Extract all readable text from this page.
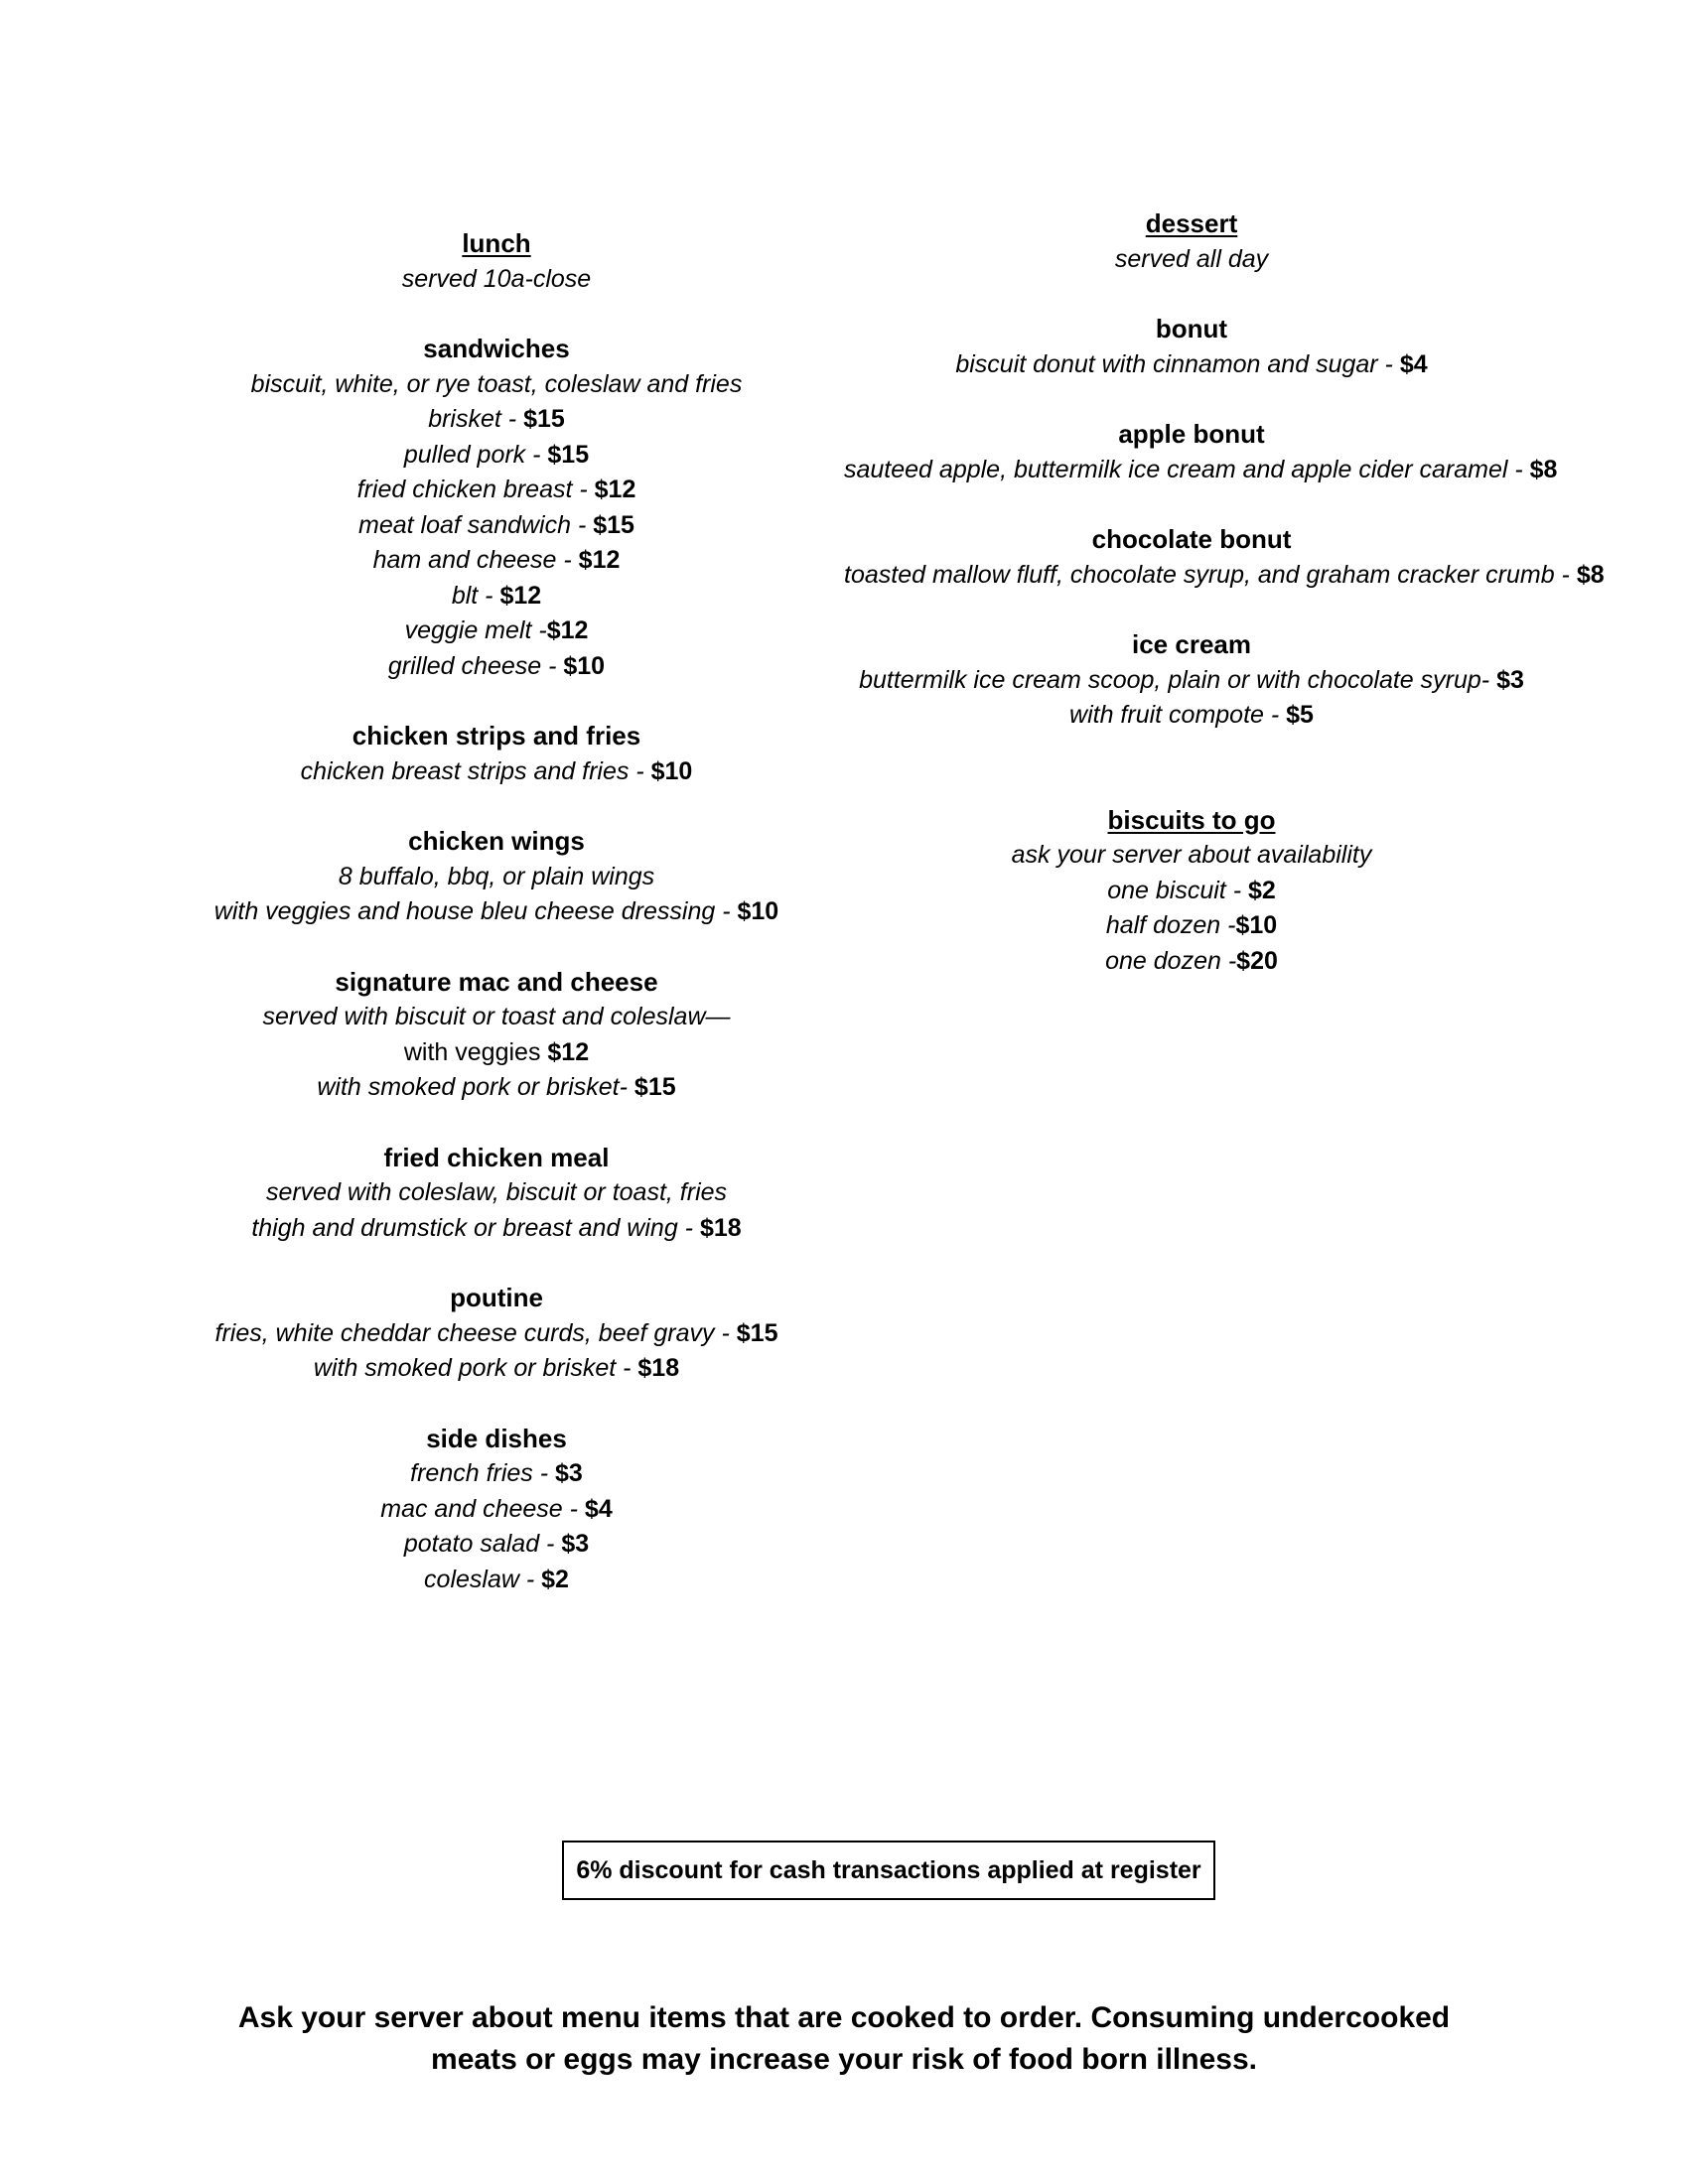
lunch
served 10a-close
sandwiches
biscuit, white, or rye toast, coleslaw and fries
brisket - $15
pulled pork - $15
fried chicken breast - $12
meat loaf sandwich - $15
ham and cheese - $12
blt - $12
veggie melt -$12
grilled cheese - $10
chicken strips and fries
chicken breast strips and fries - $10
chicken wings
8 buffalo, bbq, or plain wings
with veggies and house bleu cheese dressing - $10
signature mac and cheese
served with biscuit or toast and coleslaw—
with veggies $12
with smoked pork or brisket- $15
fried chicken meal
served with coleslaw, biscuit or toast, fries
thigh and drumstick or breast and wing - $18
poutine
fries, white cheddar cheese curds, beef gravy - $15
with smoked pork or brisket - $18
side dishes
french fries - $3
mac and cheese - $4
potato salad - $3
coleslaw - $2
dessert
served all day
bonut
biscuit donut with cinnamon and sugar - $4
apple bonut
sauteed apple, buttermilk ice cream and apple cider caramel - $8
chocolate bonut
toasted mallow fluff, chocolate syrup, and graham cracker crumb - $8
ice cream
buttermilk ice cream scoop, plain or with chocolate syrup- $3
with fruit compote - $5
biscuits to go
ask your server about availability
one biscuit - $2
half dozen -$10
one dozen -$20
6% discount for cash transactions applied at register
Ask your server about menu items that are cooked to order. Consuming undercooked
meats or eggs may increase your risk of food born illness.
